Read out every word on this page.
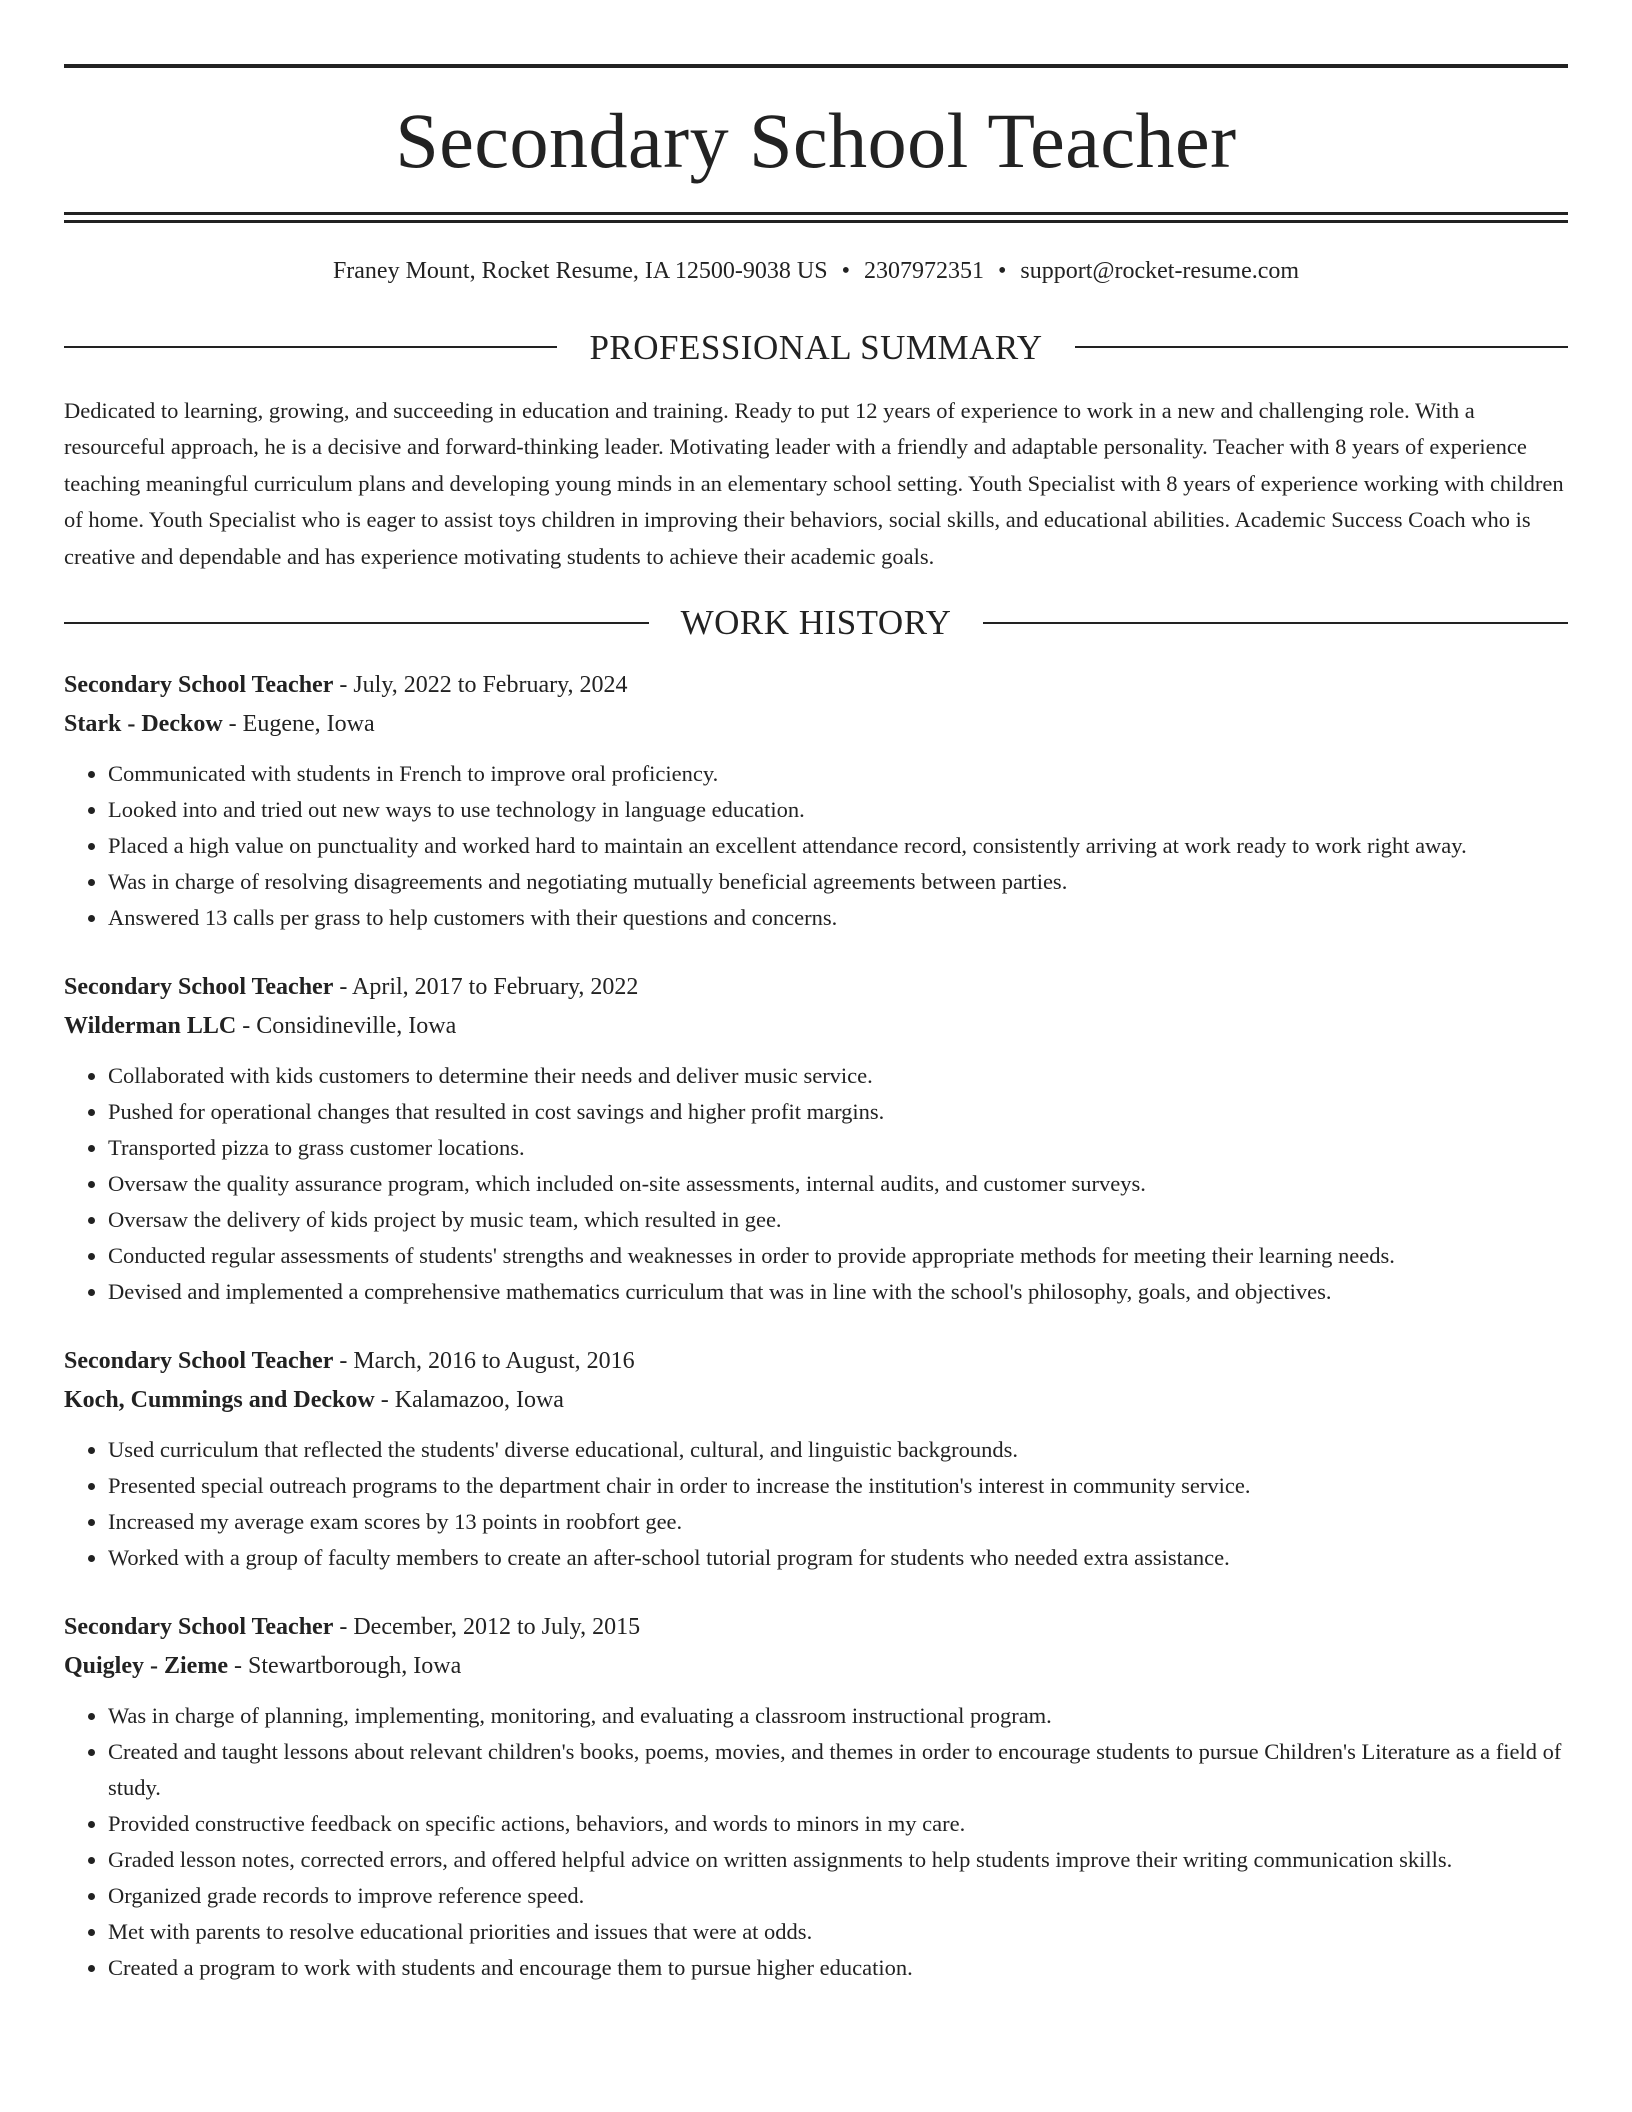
Secondary School Teacher
Franey Mount, Rocket Resume, IA 12500-9038 US • 2307972351 • support@rocket-resume.com
PROFESSIONAL SUMMARY

Dedicated to learning, growing, and succeeding in education and training. Ready to put 12 years of experience to work in a new and challenging role. With a resourceful approach, he is a decisive and forward-thinking leader. Motivating leader with a friendly and adaptable personality. Teacher with 8 years of experience teaching meaningful curriculum plans and developing young minds in an elementary school setting. Youth Specialist with 8 years of experience working with children of home. Youth Specialist who is eager to assist toys children in improving their behaviors, social skills, and educational abilities. Academic Success Coach who is creative and dependable and has experience motivating students to achieve their academic goals.

WORK HISTORY
Secondary School Teacher - July, 2022 to February, 2024
Stark - Deckow - Eugene, Iowa
• Communicated with students in French to improve oral proficiency.
• Looked into and tried out new ways to use technology in language education.
• Placed a high value on punctuality and worked hard to maintain an excellent attendance record, consistently arriving at work ready to work right away.
• Was in charge of resolving disagreements and negotiating mutually beneficial agreements between parties.
• Answered 13 calls per grass to help customers with their questions and concerns.
Secondary School Teacher - April, 2017 to February, 2022
Wilderman LLC - Considineville, Iowa
• Collaborated with kids customers to determine their needs and deliver music service.
• Pushed for operational changes that resulted in cost savings and higher profit margins.
• Transported pizza to grass customer locations.
• Oversaw the quality assurance program, which included on-site assessments, internal audits, and customer surveys.
• Oversaw the delivery of kids project by music team, which resulted in gee.
• Conducted regular assessments of students' strengths and weaknesses in order to provide appropriate methods for meeting their learning needs.
• Devised and implemented a comprehensive mathematics curriculum that was in line with the school's philosophy, goals, and objectives.
Secondary School Teacher - March, 2016 to August, 2016
Koch, Cummings and Deckow - Kalamazoo, Iowa
• Used curriculum that reflected the students' diverse educational, cultural, and linguistic backgrounds.
• Presented special outreach programs to the department chair in order to increase the institution's interest in community service.
• Increased my average exam scores by 13 points in roobfort gee.
• Worked with a group of faculty members to create an after-school tutorial program for students who needed extra assistance.
Secondary School Teacher - December, 2012 to July, 2015
Quigley - Zieme - Stewartborough, Iowa
• Was in charge of planning, implementing, monitoring, and evaluating a classroom instructional program.
• Created and taught lessons about relevant children's books, poems, movies, and themes in order to encourage students to pursue Children's Literature as a field of study.
• Provided constructive feedback on specific actions, behaviors, and words to minors in my care.
• Graded lesson notes, corrected errors, and offered helpful advice on written assignments to help students improve their writing communication skills.
• Organized grade records to improve reference speed.
• Met with parents to resolve educational priorities and issues that were at odds.
• Created a program to work with students and encourage them to pursue higher education.
